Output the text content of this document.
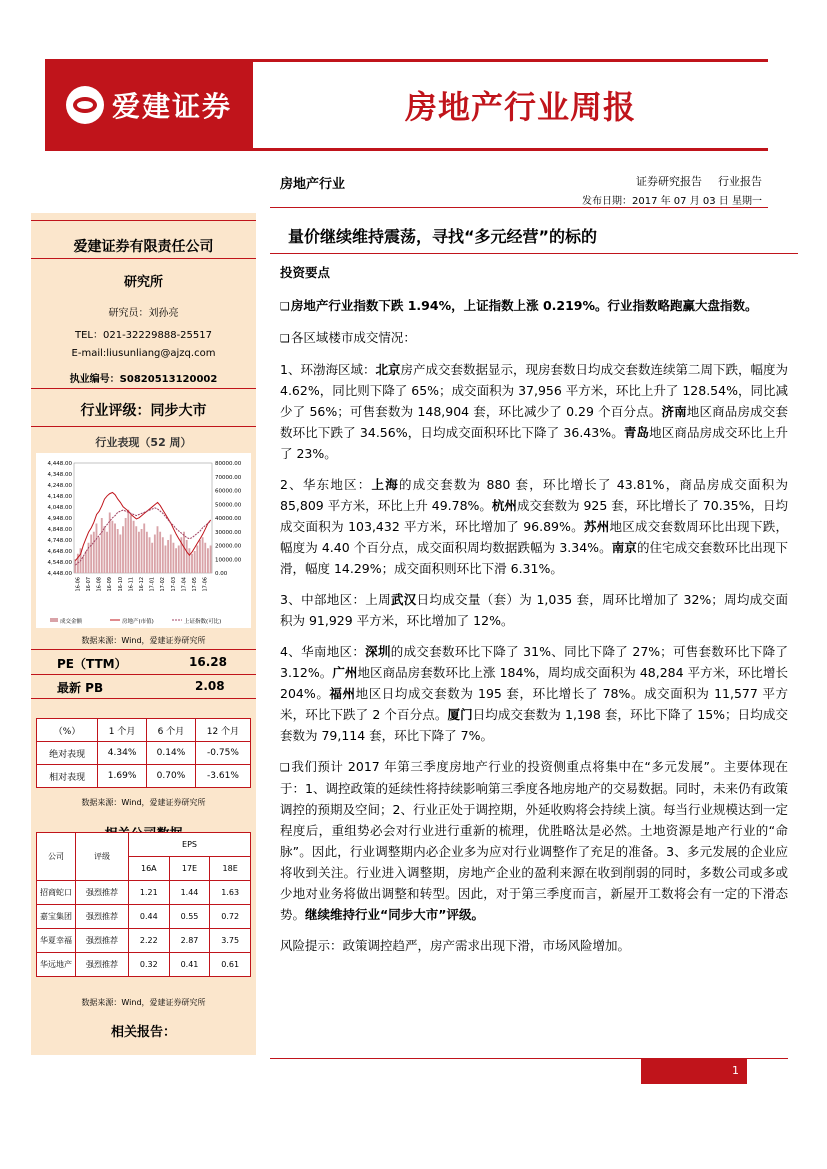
爱建证券	房地产行业周报
房地产行业	证券研究报告 行业报告
发布日期：2017 年 07 月 03 日 星期一
爱建证券有限责任公司
研究所
研究员：刘孙亮
TEL：021-32229888-25517
E-mail:liusunliang@ajzq.com
执业编号：S0820513120002
行业评级：同步大市
行业表现（52 周）
4,448.00
4,348.00
4,248.00
4,148.00
4,048.00
4,948.00
4,848.00
4,748.00
4,648.00
4,548.00
4,448.00
80000.00
70000.00
60000.00
50000.00
40000.00
30000.00
20000.00
10000.00
0.00
16-06 16-07 16-08 16-09 16-10 16-11 16-12 17-01 17-02 17-03 17-04 17-05 17-06
成交金额	房地产(市值)	上证指数(可比)
数据来源：Wind，爱建证券研究所
PE（TTM）	16.28
最新 PB	2.08
（%）	1 个月	6 个月	12 个月
绝对表现	4.34%	0.14%	-0.75%
相对表现	1.69%	0.70%	-3.61%
数据来源：Wind，爱建证券研究所
公司	评级	EPS		
		16A	17E	18E
招商蛇口	强烈推荐	1.21	1.44	1.63
嘉宝集团	强烈推荐	0.44	0.55	0.72
华夏幸福	强烈推荐	2.22	2.87	3.75
华远地产	强烈推荐	0.32	0.41	0.61
数据来源：Wind，爱建证券研究所
相关报告：
量价继续维持震荡，寻找“多元经营”的标的

投资要点

❑房地产行业指数下跌 1.94%，上证指数上涨 0.219%。行业指数略跑赢大盘指数。

❑各区域楼市成交情况：

1、环渤海区域：北京房产成交套数据显示，现房套数日均成交套数连续第二周下跌，幅度为 4.62%，同比则下降了 65%；成交面积为 37,956 平方米，环比上升了 128.54%，同比减少了 56%；可售套数为 148,904 套，环比减少了 0.29 个百分点。济南地区商品房成交套数环比下跌了 34.56%，日均成交面积环比下降了 36.43%。青岛地区商品房成交环比上升了 23%。

2、华东地区：上海的成交套数为 880 套，环比增长了 43.81%，商品房成交面积为 85,809 平方米，环比上升 49.78%。杭州成交套数为 925 套，环比增长了 70.35%，日均成交面积为 103,432 平方米，环比增加了 96.89%。苏州地区成交套数周环比出现下跌，幅度为 4.40 个百分点，成交面积周均数据跌幅为 3.34%。南京的住宅成交套数环比出现下滑，幅度 14.29%；成交面积则环比下滑 6.31%。

3、中部地区：上周武汉日均成交量（套）为 1,035 套，周环比增加了 32%；周均成交面积为 91,929 平方米，环比增加了 12%。

4、华南地区：深圳的成交套数环比下降了 31%、同比下降了 27%；可售套数环比下降了 3.12%。广州地区商品房套数环比上涨 184%，周均成交面积为 48,284 平方米，环比增长 204%。福州地区日均成交套数为 195 套，环比增长了 78%。成交面积为 11,577 平方米，环比下跌了 2 个百分点。厦门日均成交套数为 1,198 套，环比下降了 15%；日均成交套数为 79,114 套，环比下降了 7%。

❑我们预计 2017 年第三季度房地产行业的投资侧重点将集中在“多元发展”。主要体现在于：1、调控政策的延续性将持续影响第三季度各地房地产的交易数据。同时，未来仍有政策调控的预期及空间；2、行业正处于调控期，外延收购将会持续上演。每当行业规模达到一定程度后，重组势必会对行业进行重新的梳理，优胜略汰是必然。土地资源是地产行业的“命脉”。因此，行业调整期内必企业多为应对行业调整作了充足的准备。3、多元发展的企业应将收到关注。行业进入调整期，房地产企业的盈利来源在收到削弱的同时，多数公司或多或少地对业务将做出调整和转型。因此，对于第三季度而言，新屋开工数将会有一定的下滑态势。继续维持行业“同步大市”评级。

风险提示：政策调控趋严，房产需求出现下滑，市场风险增加。

1
